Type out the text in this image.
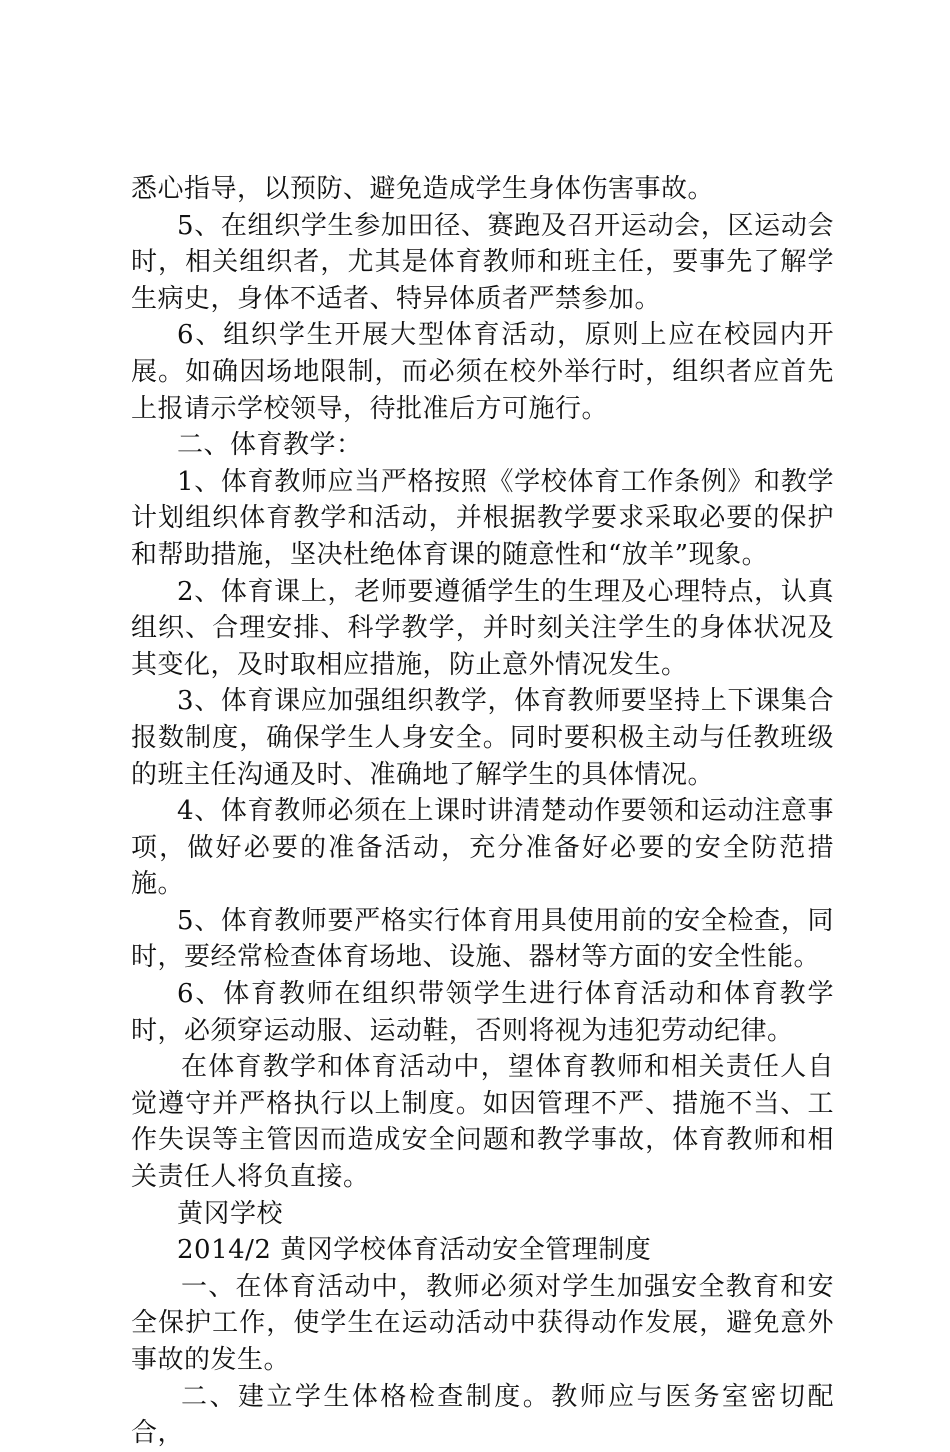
悉心指导，以预防、避免造成学生身体伤害事故。

5、在组织学生参加田径、赛跑及召开运动会，区运动会时，相关组织者，尤其是体育教师和班主任，要事先了解学生病史，身体不适者、特异体质者严禁参加。

6、组织学生开展大型体育活动，原则上应在校园内开展。如确因场地限制，而必须在校外举行时，组织者应首先上报请示学校领导，待批准后方可施行。

二、体育教学：

1、体育教师应当严格按照《学校体育工作条例》和教学计划组织体育教学和活动，并根据教学要求采取必要的保护和帮助措施，坚决杜绝体育课的随意性和“放羊”现象。

2、体育课上，老师要遵循学生的生理及心理特点，认真组织、合理安排、科学教学，并时刻关注学生的身体状况及其变化，及时取相应措施，防止意外情况发生。

3、体育课应加强组织教学，体育教师要坚持上下课集合报数制度，确保学生人身安全。同时要积极主动与任教班级的班主任沟通及时、准确地了解学生的具体情况。

4、体育教师必须在上课时讲清楚动作要领和运动注意事项，做好必要的准备活动，充分准备好必要的安全防范措施。

5、体育教师要严格实行体育用具使用前的安全检查，同时，要经常检查体育场地、设施、器材等方面的安全性能。

6、体育教师在组织带领学生进行体育活动和体育教学时，必须穿运动服、运动鞋，否则将视为违犯劳动纪律。

在体育教学和体育活动中，望体育教师和相关责任人自觉遵守并严格执行以上制度。如因管理不严、措施不当、工作失误等主管因而造成安全问题和教学事故，体育教师和相关责任人将负直接。

黄冈学校

2014/2 黄冈学校体育活动安全管理制度

一、在体育活动中，教师必须对学生加强安全教育和安全保护工作，使学生在运动活动中获得动作发展，避免意外事故的发生。

二、建立学生体格检查制度。教师应与医务室密切配合，
